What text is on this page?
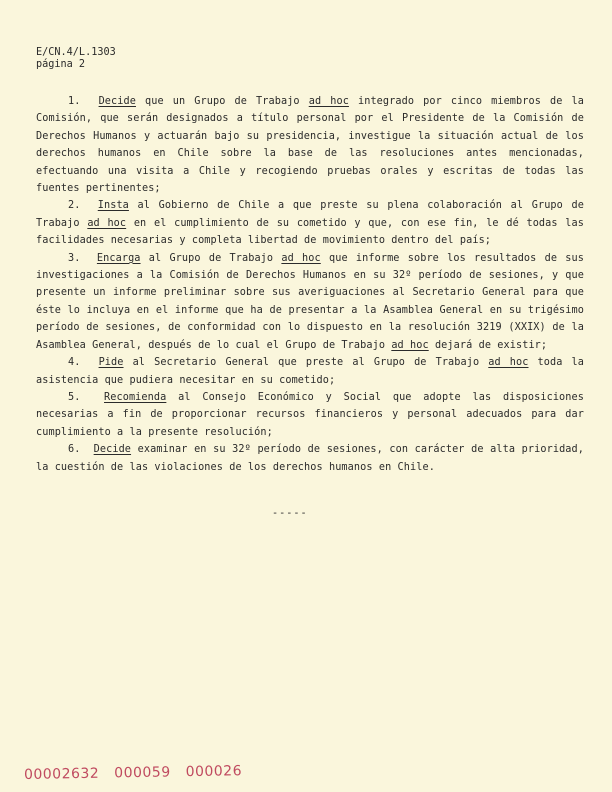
E/CN.4/L.1303
página 2

1. Decide que un Grupo de Trabajo ad hoc integrado por cinco miembros de la Comisión, que serán designados a título personal por el Presidente de la Comisión de Derechos Humanos y actuarán bajo su presidencia, investigue la situación actual de los derechos humanos en Chile sobre la base de las resoluciones antes mencionadas, efectuando una visita a Chile y recogiendo pruebas orales y escritas de todas las fuentes pertinentes;

2. Insta al Gobierno de Chile a que preste su plena colaboración al Grupo de Trabajo ad hoc en el cumplimiento de su cometido y que, con ese fin, le dé todas las facilidades necesarias y completa libertad de movimiento dentro del país;

3. Encarga al Grupo de Trabajo ad hoc que informe sobre los resultados de sus investigaciones a la Comisión de Derechos Humanos en su 32º período de sesiones, y que presente un informe preliminar sobre sus averiguaciones al Secretario General para que éste lo incluya en el informe que ha de presentar a la Asamblea General en su trigésimo período de sesiones, de conformidad con lo dispuesto en la resolución 3219 (XXIX) de la Asamblea General, después de lo cual el Grupo de Trabajo ad hoc dejará de existir;

4. Pide al Secretario General que preste al Grupo de Trabajo ad hoc toda la asistencia que pudiera necesitar en su cometido;

5. Recomienda al Consejo Económico y Social que adopte las disposiciones necesarias a fin de proporcionar recursos financieros y personal adecuados para dar cumplimiento a la presente resolución;

6. Decide examinar en su 32º período de sesiones, con carácter de alta prioridad, la cuestión de las violaciones de los derechos humanos en Chile.

-----
00002632 000059 000026
